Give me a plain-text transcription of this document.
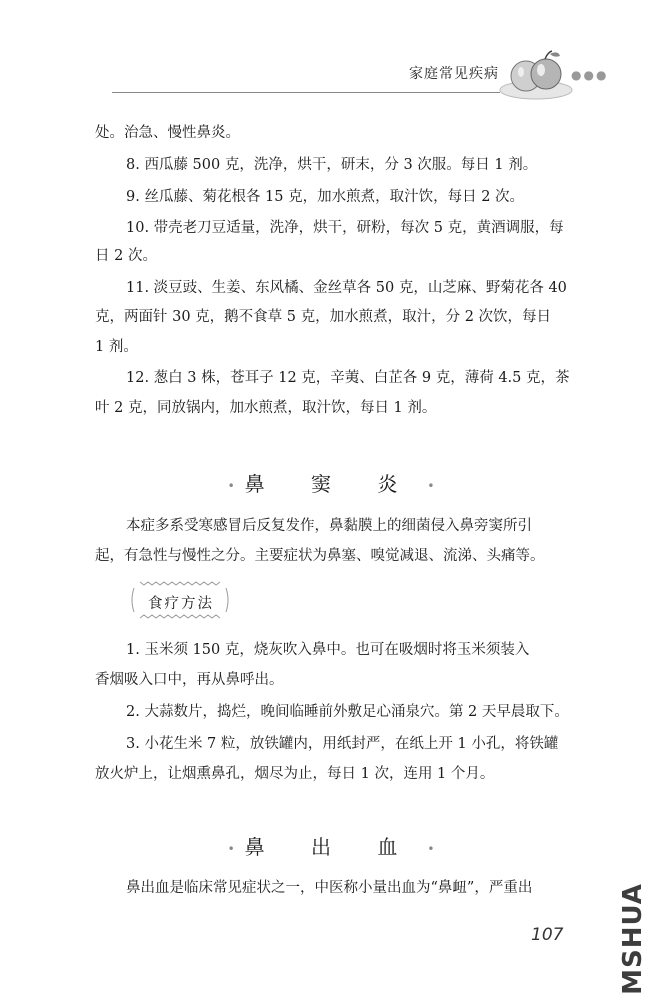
家庭常见疾病	●●●
处。治急、慢性鼻炎。
8. 西瓜藤 500 克，洗净，烘干，研末，分 3 次服。每日 1 剂。
9. 丝瓜藤、菊花根各 15 克，加水煎煮，取汁饮，每日 2 次。
10. 带壳老刀豆适量，洗净，烘干，研粉，每次 5 克，黄酒调服，每
日 2 次。
11. 淡豆豉、生姜、东风橘、金丝草各 50 克，山芝麻、野菊花各 40
克，两面针 30 克，鹅不食草 5 克，加水煎煮，取汁，分 2 次饮，每日
1 剂。
12. 葱白 3 株，苍耳子 12 克，辛荑、白芷各 9 克，薄荷 4.5 克，茶
叶 2 克，同放锅内，加水煎煮，取汁饮，每日 1 剂。
• 鼻 窦 炎 •
本症多系受寒感冒后反复发作，鼻黏膜上的细菌侵入鼻旁窦所引
起，有急性与慢性之分。主要症状为鼻塞、嗅觉减退、流涕、头痛等。
食疗方法
1. 玉米须 150 克，烧灰吹入鼻中。也可在吸烟时将玉米须装入
香烟吸入口中，再从鼻呼出。
2. 大蒜数片，捣烂，晚间临睡前外敷足心涌泉穴。第 2 天早晨取下。
3. 小花生米 7 粒，放铁罐内，用纸封严，在纸上开 1 小孔，将铁罐
放火炉上，让烟熏鼻孔，烟尽为止，每日 1 次，连用 1 个月。
• 鼻 出 血 •
鼻出血是临床常见症状之一，中医称小量出血为“鼻衄”，严重出
107 MSHUA
